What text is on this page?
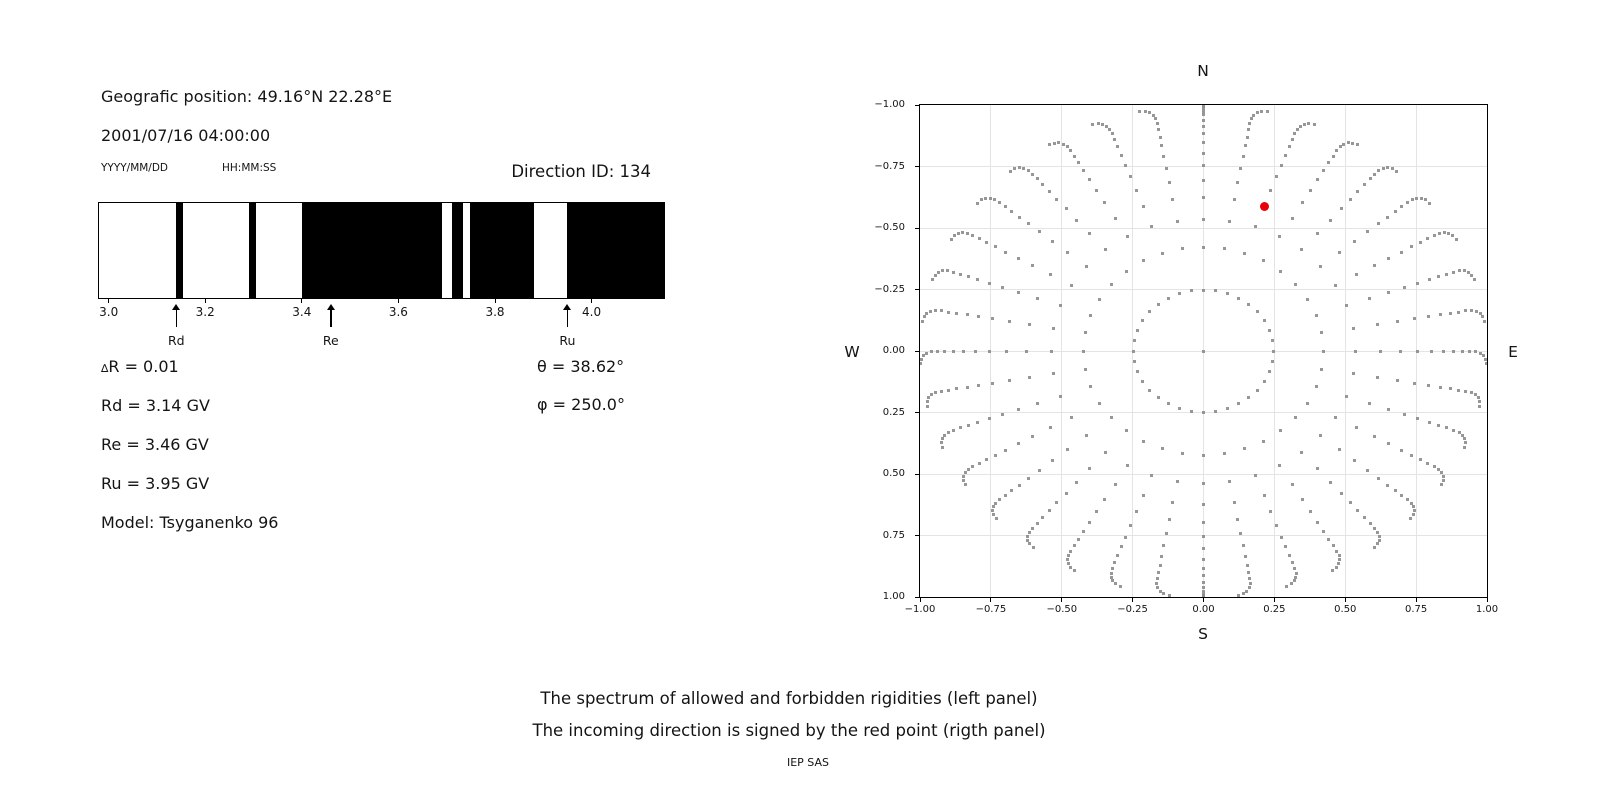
Geografic position: 49.16°N 22.28°E
2001/07/16 04:00:00
YYYY/MM/DD	HH:MM:SS	Direction ID: 134
3.0	3.2	3.4	3.6	3.8	4.0
Rd	Re	Ru
∆R = 0.01
Rd = 3.14 GV
Re = 3.46 GV
Ru = 3.95 GV
Model: Tsyganenko 96
θ = 38.62°
φ = 250.0°
N
S
W	E
−1.00	−0.75	−0.50	−0.25	0.00	0.25	0.50	0.75	1.00
1.00
0.75
0.50
0.25
0.00
−0.25
−0.50
−0.75
−1.00
The spectrum of allowed and forbidden rigidities (left panel)
The incoming direction is signed by the red point (rigth panel)
IEP SAS
